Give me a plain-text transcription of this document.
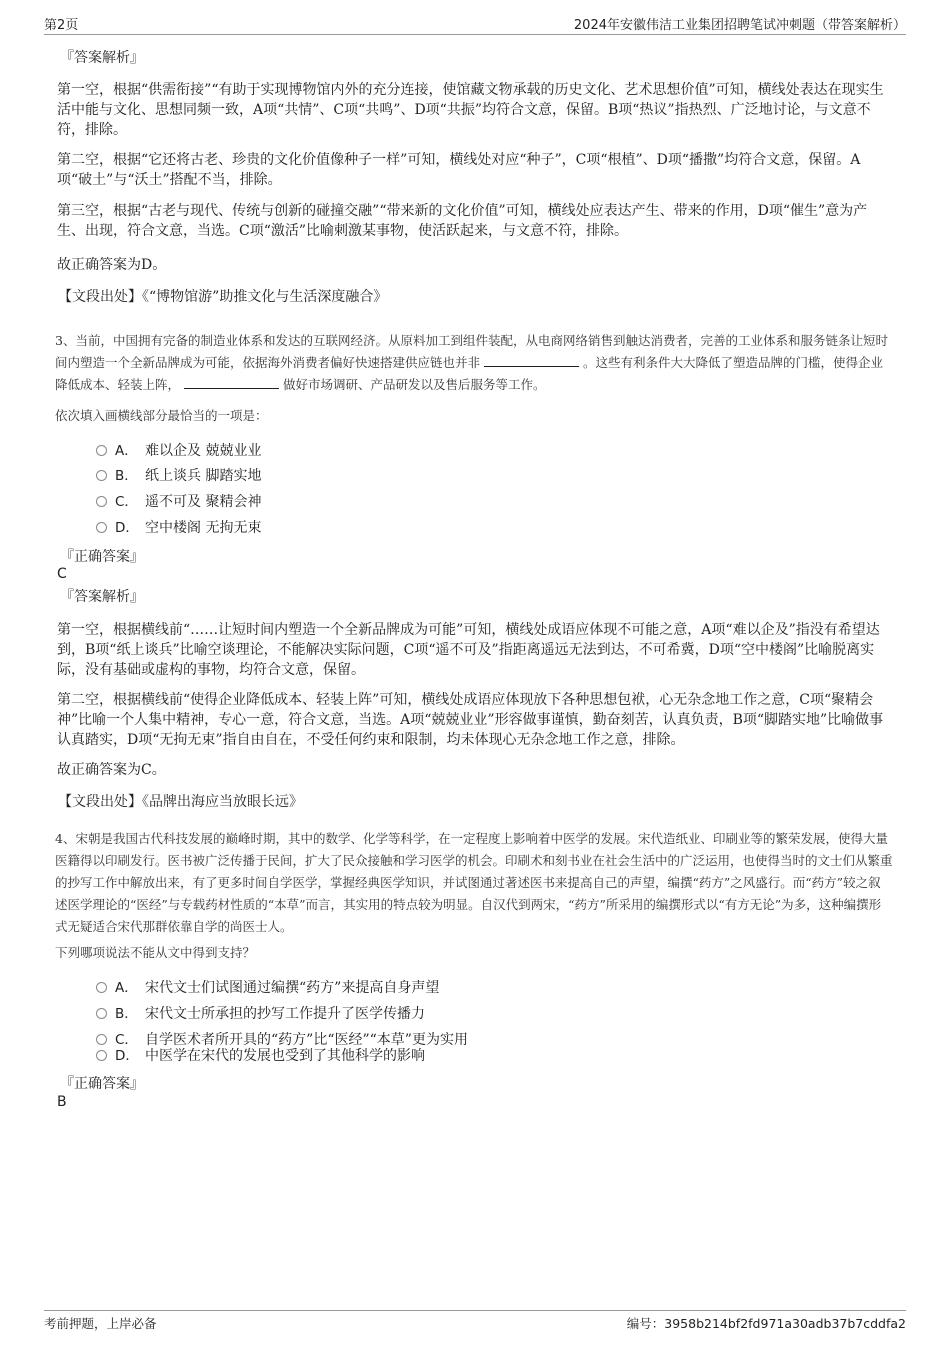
第2页	2024年安徽伟洁工业集团招聘笔试冲刺题（带答案解析）
『答案解析』
第一空，根据“供需衔接”“有助于实现博物馆内外的充分连接，使馆藏文物承载的历史文化、艺术思想价值”可知，横线处表达在现实生活中能与文化、思想同频一致，A项“共情”、C项“共鸣”、D项“共振”均符合文意，保留。B项“热议”指热烈、广泛地讨论，与文意不符，排除。
第二空，根据“它还将古老、珍贵的文化价值像种子一样”可知，横线处对应“种子”，C项“根植”、D项“播撒”均符合文意，保留。A项“破土”与“沃土”搭配不当，排除。
第三空，根据“古老与现代、传统与创新的碰撞交融”“带来新的文化价值”可知，横线处应表达产生、带来的作用，D项“催生”意为产生、出现，符合文意，当选。C项“激活”比喻刺激某事物，使活跃起来，与文意不符，排除。
故正确答案为D。
【文段出处】《“博物馆游”助推文化与生活深度融合》
3、当前，中国拥有完备的制造业体系和发达的互联网经济。从原料加工到组件装配，从电商网络销售到触达消费者，完善的工业体系和服务链条让短时间内塑造一个全新品牌成为可能，依据海外消费者偏好快速搭建供应链也并非	。这些有利条件大大降低了塑造品牌的门槛，使得企业降低成本、轻装上阵，	做好市场调研、产品研发以及售后服务等工作。
依次填入画横线部分最恰当的一项是：
A． 难以企及 兢兢业业
B． 纸上谈兵 脚踏实地
C． 遥不可及 聚精会神
D． 空中楼阁 无拘无束
『正确答案』
C
『答案解析』
第一空，根据横线前“……让短时间内塑造一个全新品牌成为可能”可知，横线处成语应体现不可能之意，A项“难以企及”指没有希望达到，B项“纸上谈兵”比喻空谈理论，不能解决实际问题，C项“遥不可及”指距离遥远无法到达，不可希冀，D项“空中楼阁”比喻脱离实际，没有基础或虚构的事物，均符合文意，保留。
第二空，根据横线前“使得企业降低成本、轻装上阵”可知，横线处成语应体现放下各种思想包袱，心无杂念地工作之意，C项“聚精会神”比喻一个人集中精神，专心一意，符合文意，当选。A项“兢兢业业”形容做事谨慎，勤奋刻苦，认真负责，B项“脚踏实地”比喻做事认真踏实，D项“无拘无束”指自由自在，不受任何约束和限制，均未体现心无杂念地工作之意，排除。
故正确答案为C。
【文段出处】《品牌出海应当放眼长远》
4、宋朝是我国古代科技发展的巅峰时期，其中的数学、化学等科学，在一定程度上影响着中医学的发展。宋代造纸业、印刷业等的繁荣发展，使得大量医籍得以印刷发行。医书被广泛传播于民间，扩大了民众接触和学习医学的机会。印刷术和刻书业在社会生活中的广泛运用，也使得当时的文士们从繁重的抄写工作中解放出来，有了更多时间自学医学，掌握经典医学知识，并试图通过著述医书来提高自己的声望，编撰“药方”之风盛行。而“药方”较之叙述医学理论的“医经”与专载药材性质的“本草”而言，其实用的特点较为明显。自汉代到两宋，“药方”所采用的编撰形式以“有方无论”为多，这种编撰形式无疑适合宋代那群依靠自学的尚医士人。
下列哪项说法不能从文中得到支持？
A． 宋代文士们试图通过编撰“药方”来提高自身声望
B． 宋代文士所承担的抄写工作提升了医学传播力
C． 自学医术者所开具的“药方”比“医经”“本草”更为实用
D． 中医学在宋代的发展也受到了其他科学的影响
『正确答案』
B
考前押题，上岸必备	编号：3958b214bf2fd971a30adb37b7cddfa2
